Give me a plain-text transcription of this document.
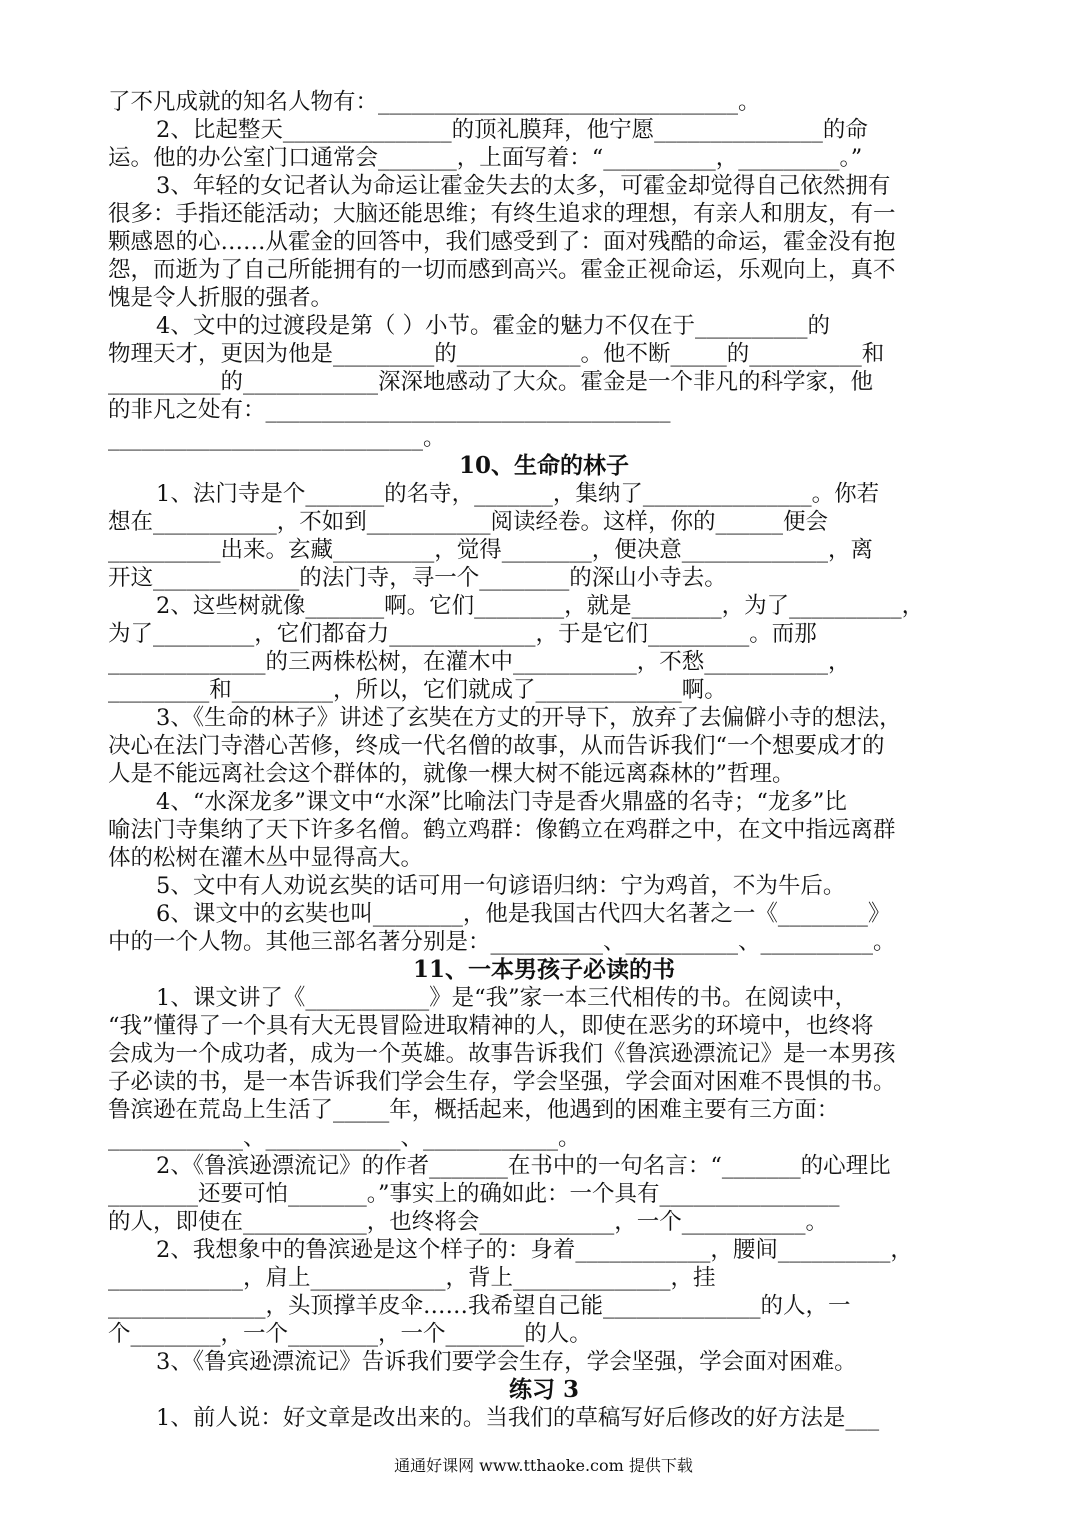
了不凡成就的知名人物有：________________________________。
2、比起整天_______________的顶礼膜拜，他宁愿_______________的命
运。他的办公室门口通常会_______，上面写着：“__________，_________。”
3、年轻的女记者认为命运让霍金失去的太多，可霍金却觉得自己依然拥有
很多：手指还能活动；大脑还能思维；有终生追求的理想，有亲人和朋友，有一
颗感恩的心……从霍金的回答中，我们感受到了：面对残酷的命运，霍金没有抱
怨，而逝为了自己所能拥有的一切而感到高兴。霍金正视命运，乐观向上，真不
愧是令人折服的强者。
4、文中的过渡段是第（ ）小节。霍金的魅力不仅在于__________的
物理天才，更因为他是_________的___________。他不断_____的__________和
__________的____________深深地感动了大众。霍金是一个非凡的科学家，他
的非凡之处有：____________________________________
____________________________。
1、法门寺是个_______的名寺，_______，集纳了_______________。你若
想在___________，不如到___________阅读经卷。这样，你的______便会
__________出来。玄藏_________，觉得________，便决意_____________，离
开这_____________的法门寺，寻一个________的深山小寺去。
2、这些树就像_______啊。它们________，就是________，为了__________，
为了_________，它们都奋力_____________，于是它们_________。而那
______________的三两株松树，在灌木中___________，不愁___________，
_________和_________，所以，它们就成了_____________啊。
3、《生命的林子》讲述了玄奘在方丈的开导下，放弃了去偏僻小寺的想法，
决心在法门寺潜心苦修，终成一代名僧的故事，从而告诉我们“一个想要成才的
人是不能远离社会这个群体的，就像一棵大树不能远离森林的”哲理。
4、“水深龙多”课文中“水深”比喻法门寺是香火鼎盛的名寺；“龙多”比
喻法门寺集纳了天下许多名僧。鹤立鸡群：像鹤立在鸡群之中，在文中指远离群
体的松树在灌木丛中显得高大。
5、文中有人劝说玄奘的话可用一句谚语归纳：宁为鸡首，不为牛后。
6、课文中的玄奘也叫________，他是我国古代四大名著之一《________》
中的一个人物。其他三部名著分别是：__________、__________、__________。
1、课文讲了《___________》是“我”家一本三代相传的书。在阅读中，
“我”懂得了一个具有大无畏冒险进取精神的人，即使在恶劣的环境中，也终将
会成为一个成功者，成为一个英雄。故事告诉我们《鲁滨逊漂流记》是一本男孩
子必读的书，是一本告诉我们学会生存，学会坚强，学会面对困难不畏惧的书。
鲁滨逊在荒岛上生活了_____年，概括起来，他遇到的困难主要有三方面：
____________、____________、____________。
2、《鲁滨逊漂流记》的作者_______在书中的一句名言：“_______的心理比
________还要可怕_______。”事实上的确如此：一个具有________________
的人，即使在___________，也终将会____________，一个___________。
2、我想象中的鲁滨逊是这个样子的：身着____________，腰间__________，
____________，肩上____________，背上______________，挂
______________，头顶撑羊皮伞……我希望自己能______________的人，一
个________，一个________，一个_______的人。
3、《鲁宾逊漂流记》告诉我们要学会生存，学会坚强，学会面对困难。
1、前人说：好文章是改出来的。当我们的草稿写好后修改的好方法是___
10、生命的林子
11、一本男孩子必读的书
练习 3
通通好课网 www.tthaoke.com 提供下载
